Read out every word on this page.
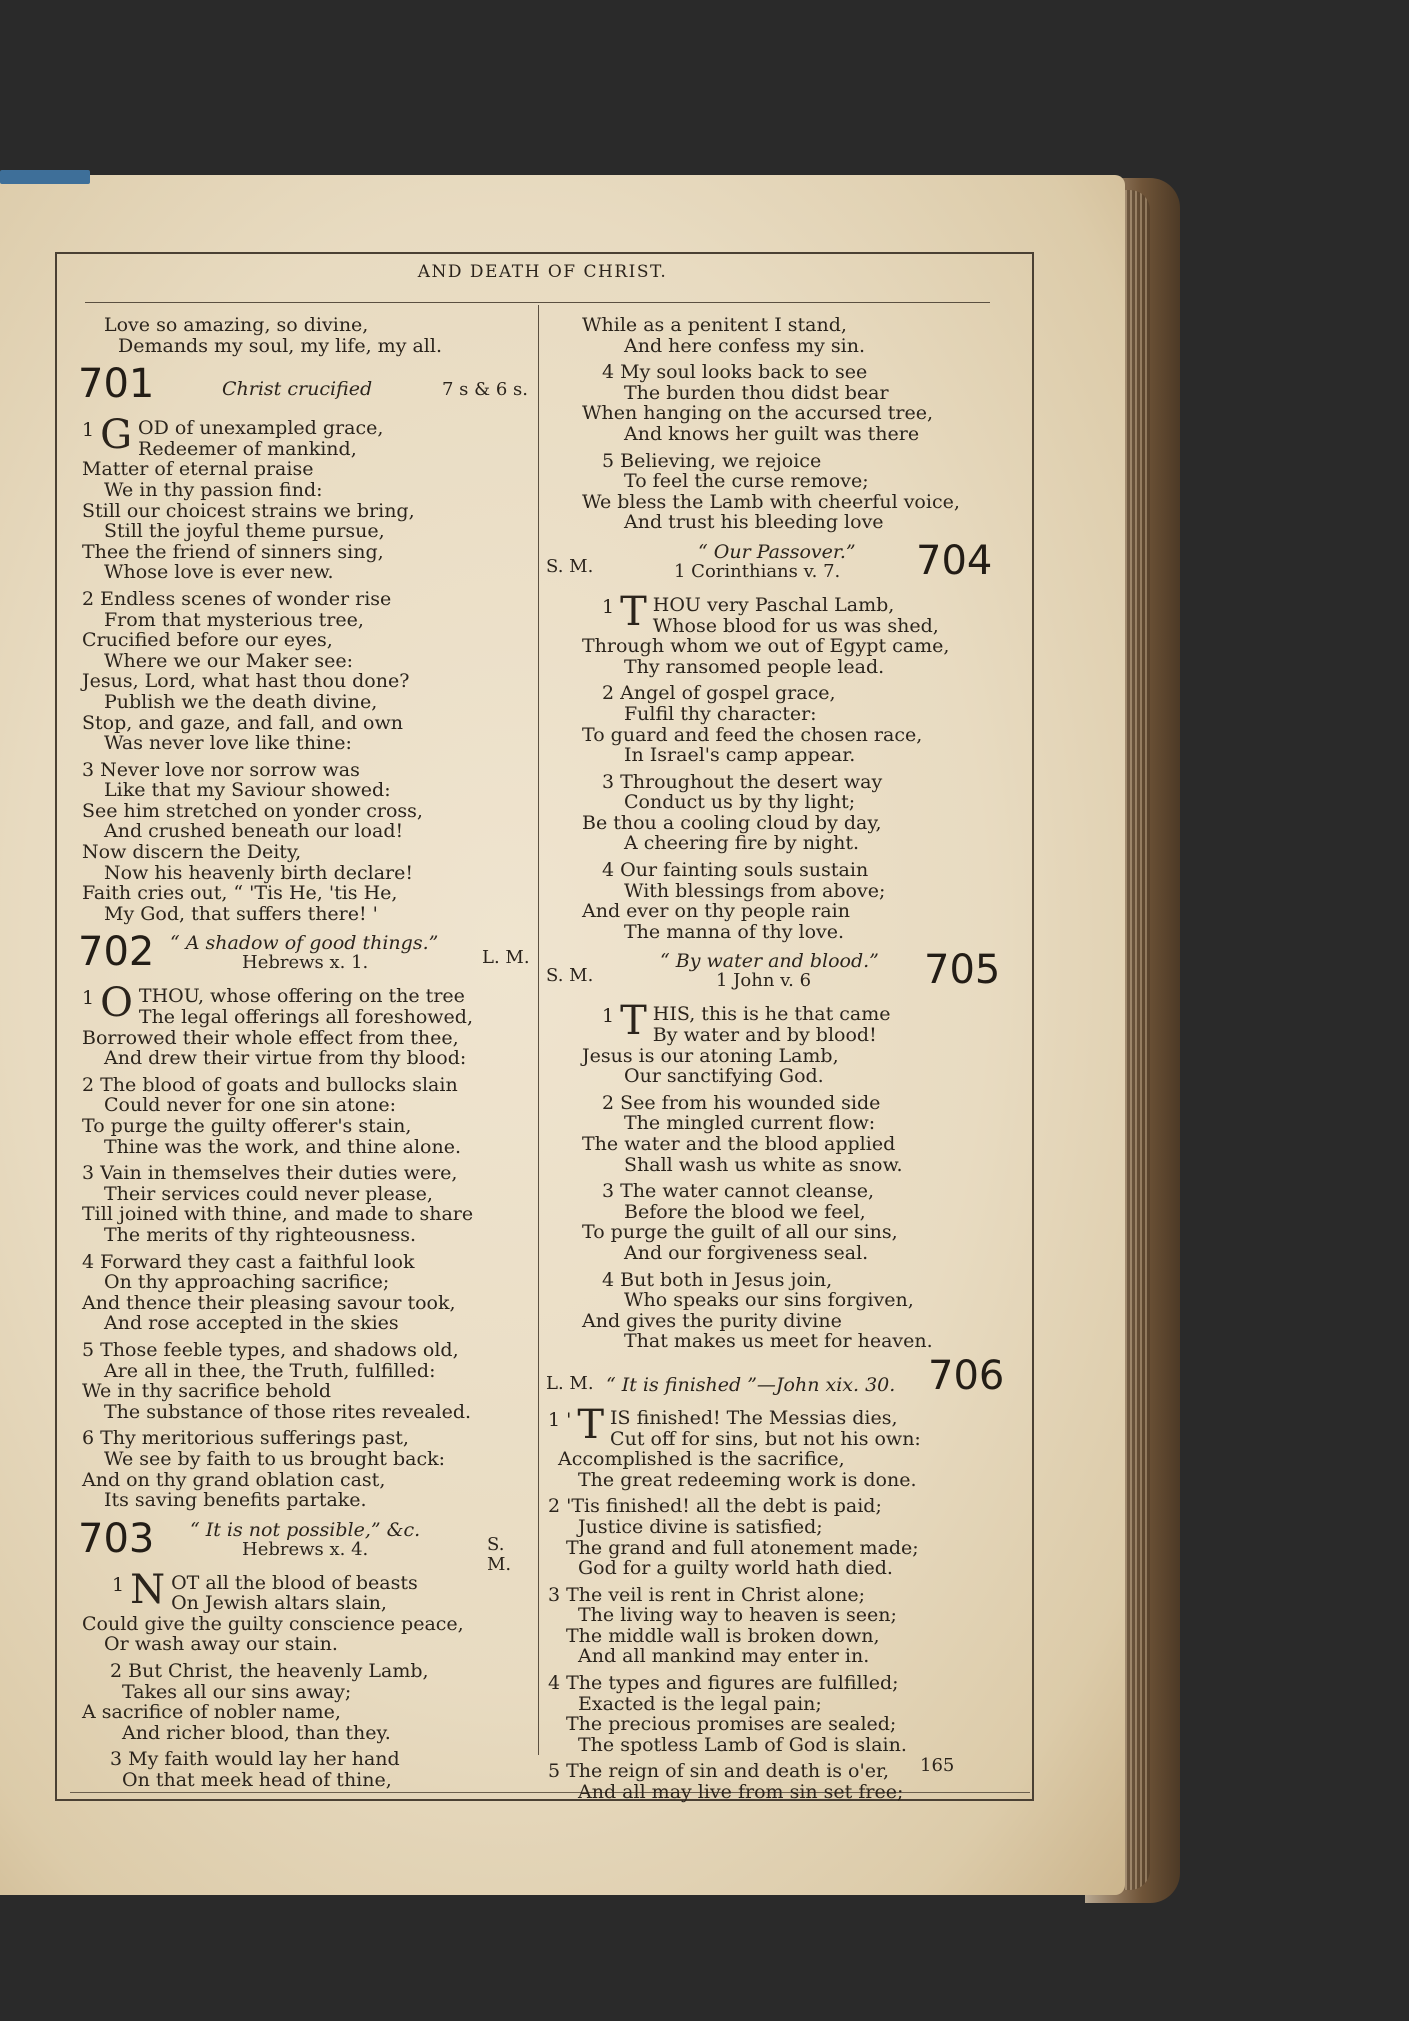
AND DEATH OF CHRIST.
Love so amazing, so divine,
Demands my soul, my life, my all.
701	Christ crucified	7 s & 6 s.
1 G OD of unexampled grace,
Redeemer of mankind,
Matter of eternal praise
We in thy passion find:
Still our choicest strains we bring,
Still the joyful theme pursue,
Thee the friend of sinners sing,
Whose love is ever new.
2 Endless scenes of wonder rise
From that mysterious tree,
Crucified before our eyes,
Where we our Maker see:
Jesus, Lord, what hast thou done?
Publish we the death divine,
Stop, and gaze, and fall, and own
Was never love like thine:
3 Never love nor sorrow was
Like that my Saviour showed:
See him stretched on yonder cross,
And crushed beneath our load!
Now discern the Deity,
Now his heavenly birth declare!
Faith cries out, “ 'Tis He, 'tis He,
My God, that suffers there! '
702 “ A shadow of good things.”
Hebrews x. 1.	L. M.
1 O THOU, whose offering on the tree
The legal offerings all foreshowed,
Borrowed their whole effect from thee,
And drew their virtue from thy blood:
2 The blood of goats and bullocks slain
Could never for one sin atone:
To purge the guilty offerer's stain,
Thine was the work, and thine alone.
3 Vain in themselves their duties were,
Their services could never please,
Till joined with thine, and made to share
The merits of thy righteousness.
4 Forward they cast a faithful look
On thy approaching sacrifice;
And thence their pleasing savour took,
And rose accepted in the skies
5 Those feeble types, and shadows old,
Are all in thee, the Truth, fulfilled:
We in thy sacrifice behold
The substance of those rites revealed.
6 Thy meritorious sufferings past,
We see by faith to us brought back:
And on thy grand oblation cast,
Its saving benefits partake.
703 “ It is not possible,” &c.
Hebrews x. 4.	S. M.
1 N OT all the blood of beasts
On Jewish altars slain,
Could give the guilty conscience peace,
Or wash away our stain.
2 But Christ, the heavenly Lamb,
Takes all our sins away;
A sacrifice of nobler name,
And richer blood, than they.
3 My faith would lay her hand
On that meek head of thine,
While as a penitent I stand,
And here confess my sin.
4 My soul looks back to see
The burden thou didst bear
When hanging on the accursed tree,
And knows her guilt was there
5 Believing, we rejoice
To feel the curse remove;
We bless the Lamb with cheerful voice,
And trust his bleeding love
S. M.
“ Our Passover.”
1 Corinthians v. 7. 704
1 T HOU very Paschal Lamb,
Whose blood for us was shed,
Through whom we out of Egypt came,
Thy ransomed people lead.
2 Angel of gospel grace,
Fulfil thy character:
To guard and feed the chosen race,
In Israel's camp appear.
3 Throughout the desert way
Conduct us by thy light;
Be thou a cooling cloud by day,
A cheering fire by night.
4 Our fainting souls sustain
With blessings from above;
And ever on thy people rain
The manna of thy love.
S. M.
“ By water and blood.”
1 John v. 6	705
1 T HIS, this is he that came
By water and by blood!
Jesus is our atoning Lamb,
Our sanctifying God.
2 See from his wounded side
The mingled current flow:
The water and the blood applied
Shall wash us white as snow.
3 The water cannot cleanse,
Before the blood we feel,
To purge the guilt of all our sins,
And our forgiveness seal.
4 But both in Jesus join,
Who speaks our sins forgiven,
And gives the purity divine
That makes us meet for heaven.
L. M. “ It is finished ”—John xix. 30. 706
1 ' T IS finished! The Messias dies,
Cut off for sins, but not his own:
Accomplished is the sacrifice,
The great redeeming work is done.
2 'Tis finished! all the debt is paid;
Justice divine is satisfied;
The grand and full atonement made;
God for a guilty world hath died.
3 The veil is rent in Christ alone;
The living way to heaven is seen;
The middle wall is broken down,
And all mankind may enter in.
4 The types and figures are fulfilled;
Exacted is the legal pain;
The precious promises are sealed;
The spotless Lamb of God is slain.
5 The reign of sin and death is o'er,
And all may live from sin set free;
165
